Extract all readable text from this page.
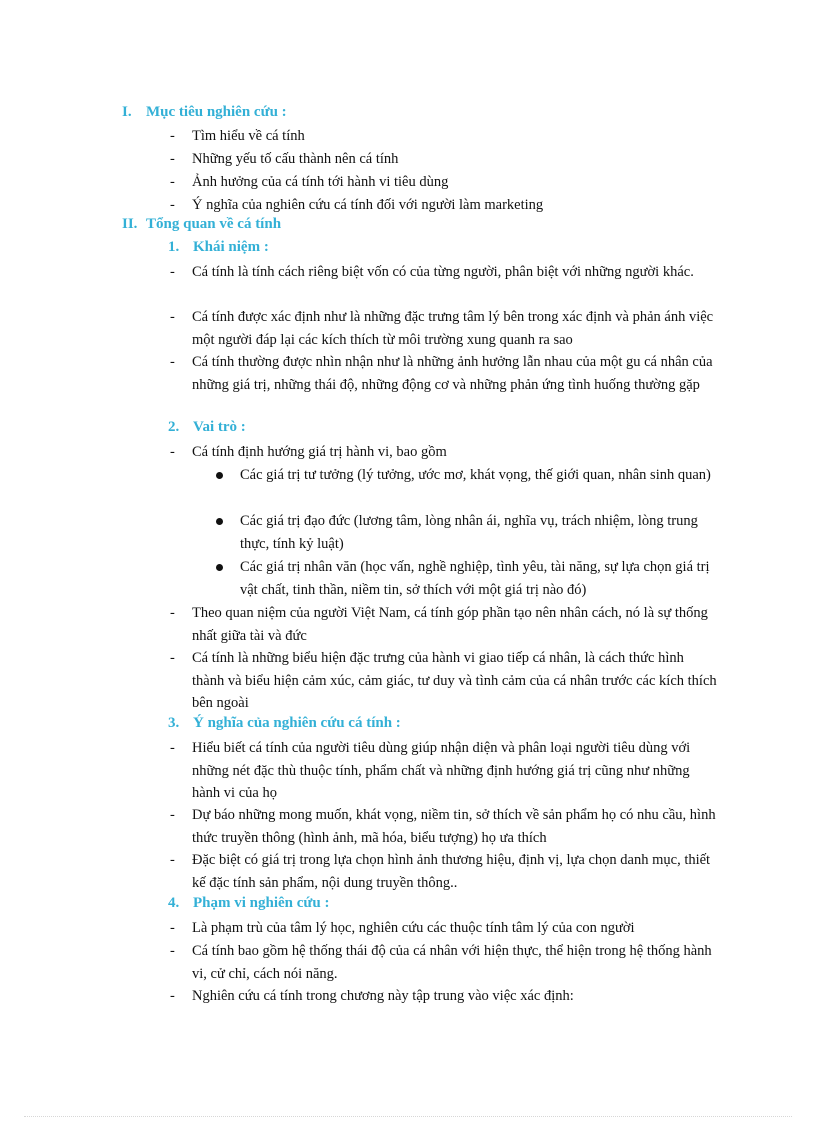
I. Mục tiêu nghiên cứu :
- Tìm hiểu về cá tính
- Những yếu tố cấu thành nên cá tính
- Ảnh hưởng của cá tính tới hành vi tiêu dùng
- Ý nghĩa của nghiên cứu cá tính đối với người làm marketing
II. Tổng quan về cá tính
1. Khái niệm :
- Cá tính là tính cách riêng biệt vốn có của từng người, phân biệt với những người khác.
- Cá tính được xác định như là những đặc trưng tâm lý bên trong xác định và phản ánh việc một người đáp lại các kích thích từ môi trường xung quanh ra sao
- Cá tính thường được nhìn nhận như là những ảnh hưởng lẫn nhau của một gu cá nhân của những giá trị, những thái độ, những động cơ và những phản ứng tình huống thường gặp
2. Vai trò :
- Cá tính định hướng giá trị hành vi, bao gồm
Các giá trị tư tưởng (lý tưởng, ước mơ, khát vọng, thế giới quan, nhân sinh quan)
Các giá trị đạo đức (lương tâm, lòng nhân ái, nghĩa vụ, trách nhiệm, lòng trung thực, tính kỷ luật)
Các giá trị nhân văn (học vấn, nghề nghiệp, tình yêu, tài năng, sự lựa chọn giá trị vật chất, tinh thần, niềm tin, sở thích với một giá trị nào đó)
- Theo quan niệm của người Việt Nam, cá tính góp phần tạo nên nhân cách, nó là sự thống nhất giữa tài và đức
- Cá tính là những biểu hiện đặc trưng của hành vi giao tiếp cá nhân, là cách thức hình thành và biểu hiện cảm xúc, cảm giác, tư duy và tình cảm của cá nhân trước các kích thích bên ngoài
3. Ý nghĩa của nghiên cứu cá tính :
- Hiểu biết cá tính của người tiêu dùng giúp nhận diện và phân loại người tiêu dùng với những nét đặc thù thuộc tính, phẩm chất và những định hướng giá trị cũng như những hành vi của họ
- Dự báo những mong muốn, khát vọng, niềm tin, sở thích về sản phẩm họ có nhu cầu, hình thức truyền thông (hình ảnh, mã hóa, biểu tượng) họ ưa thích
- Đặc biệt có giá trị trong lựa chọn hình ảnh thương hiệu, định vị, lựa chọn danh mục, thiết kế đặc tính sản phẩm, nội dung truyền thông..
4. Phạm vi nghiên cứu :
- Là phạm trù của tâm lý học, nghiên cứu các thuộc tính tâm lý của con người
- Cá tính bao gồm hệ thống thái độ của cá nhân với hiện thực, thể hiện trong hệ thống hành vi, cử chỉ, cách nói năng.
- Nghiên cứu cá tính trong chương này tập trung vào việc xác định:
